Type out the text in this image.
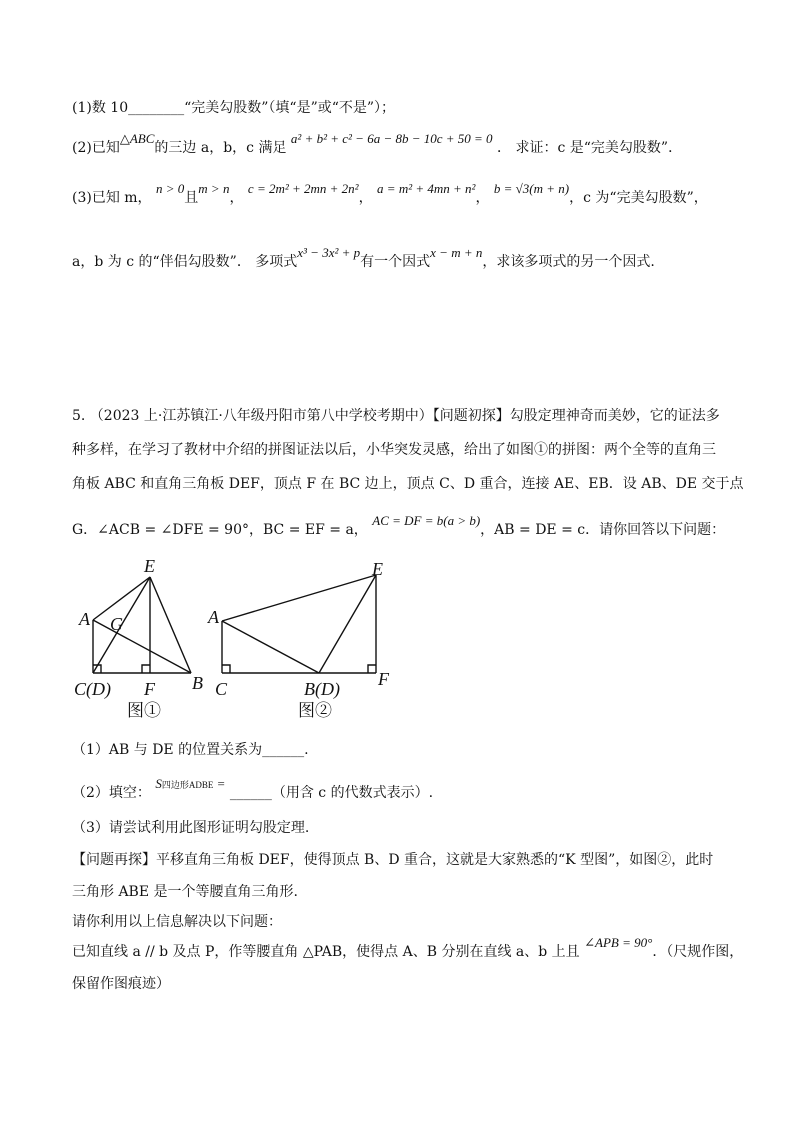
(1)数 10________“完美勾股数”（填“是”或“不是”）；
(2)已知△ABC的三边 a，b，c 满足 a² + b² + c² − 6a − 8b − 10c + 50 = 0 ． 求证：c 是“完美勾股数”．
(3)已知 m， n > 0且m > n， c = 2m² + 2mn + 2n²， a = m² + 4mn + n²， b = √3(m + n)，c 为“完美勾股数”，
a，b 为 c 的“伴侣勾股数”． 多项式x³ − 3x² + p有一个因式x − m + n，求该多项式的另一个因式.
5. （2023 上·江苏镇江·八年级丹阳市第八中学校考期中）【问题初探】勾股定理神奇而美妙，它的证法多
种多样，在学习了教材中介绍的拼图证法以后，小华突发灵感，给出了如图①的拼图：两个全等的直角三
角板 ABC 和直角三角板 DEF，顶点 F 在 BC 边上，顶点 C、D 重合，连接 AE、EB．设 AB、DE 交于点
G．∠ACB = ∠DFE = 90°，BC = EF = a， AC = DF = b(a > b)，AB = DE = c．请你回答以下问题：
E
A G
C(D) F B
E
A
C	B(D) F
图①	图②
（1）AB 与 DE 的位置关系为______.
（2）填空： S四边形ADBE = ______（用含 c 的代数式表示）.
（3）请尝试利用此图形证明勾股定理.
【问题再探】平移直角三角板 DEF，使得顶点 B、D 重合，这就是大家熟悉的“K 型图”，如图②，此时
三角形 ABE 是一个等腰直角三角形.
请你利用以上信息解决以下问题：
已知直线 a // b 及点 P，作等腰直角 △PAB，使得点 A、B 分别在直线 a、b 上且 ∠APB = 90°．（尺规作图，
保留作图痕迹）
